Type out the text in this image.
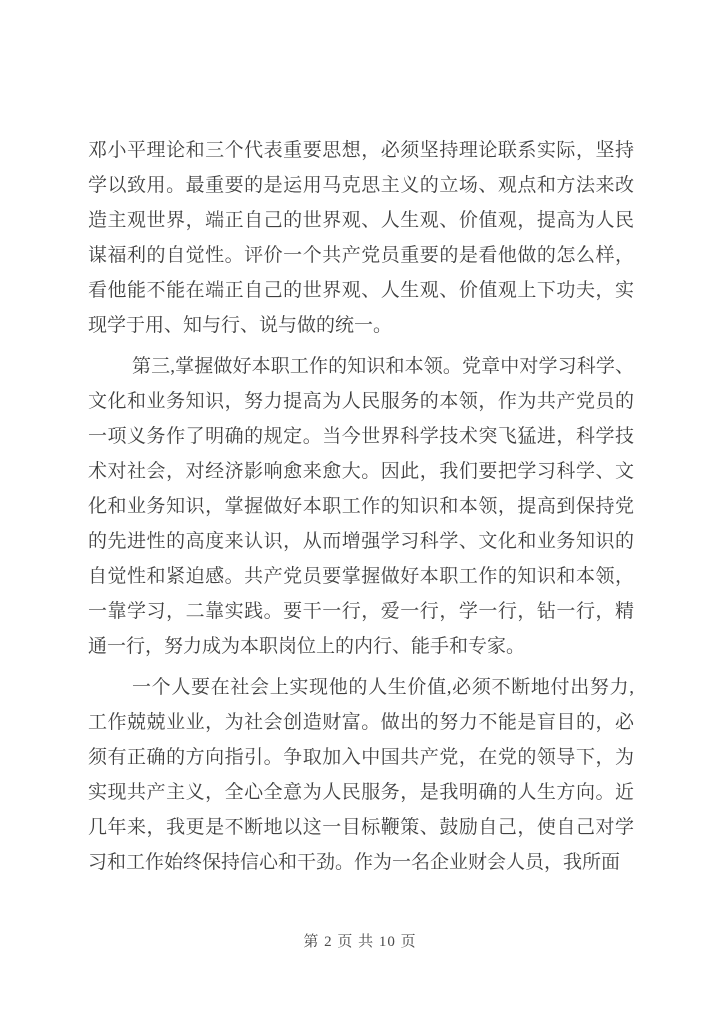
邓小平理论和三个代表重要思想，必须坚持理论联系实际，坚持
学以致用。最重要的是运用马克思主义的立场、观点和方法来改
造主观世界，端正自己的世界观、人生观、价值观，提高为人民
谋福利的自觉性。评价一个共产党员重要的是看他做的怎么样，
看他能不能在端正自己的世界观、人生观、价值观上下功夫，实
现学于用、知与行、说与做的统一。
第三,掌握做好本职工作的知识和本领。党章中对学习科学、
文化和业务知识，努力提高为人民服务的本领，作为共产党员的
一项义务作了明确的规定。当今世界科学技术突飞猛进，科学技
术对社会，对经济影响愈来愈大。因此，我们要把学习科学、文
化和业务知识，掌握做好本职工作的知识和本领，提高到保持党
的先进性的高度来认识，从而增强学习科学、文化和业务知识的
自觉性和紧迫感。共产党员要掌握做好本职工作的知识和本领，
一靠学习，二靠实践。要干一行，爱一行，学一行，钻一行，精
通一行，努力成为本职岗位上的内行、能手和专家。
一个人要在社会上实现他的人生价值,必须不断地付出努力,
工作兢兢业业，为社会创造财富。做出的努力不能是盲目的，必
须有正确的方向指引。争取加入中国共产党，在党的领导下，为
实现共产主义，全心全意为人民服务，是我明确的人生方向。近
几年来，我更是不断地以这一目标鞭策、鼓励自己，使自己对学
习和工作始终保持信心和干劲。作为一名企业财会人员，我所面
第 2 页 共 10 页
